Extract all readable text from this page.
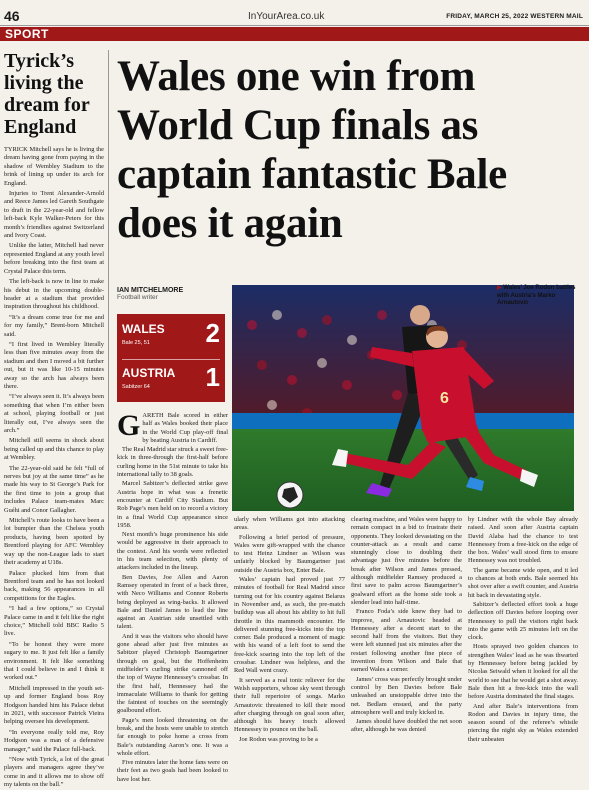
46	InYourArea.co.uk	FRIDAY, MARCH 25, 2022 WESTERN MAIL
SPORT
Tyrick’s living the dream for England

TYRICK Mitchell says he is living the dream having gone from paying in the shadow of Wembley Stadium to the brink of lining up under its arch for England.

Injuries to Trent Alexander-Arnold and Reece James led Gareth Southgate to draft in the 22-year-old and fellow left-back Kyle Walker-Peters for this month’s friendlies against Switzerland and Ivory Coast.

Unlike the latter, Mitchell had never represented England at any youth level before breaking into the first team at Crystal Palace this term.

The left-back is now in line to make his debut in the upcoming double-header at a stadium that provided inspiration throughout his childhood.

“It’s a dream come true for me and for my family,” Brent-born Mitchell said.

“I first lived in Wembley literally less than five minutes away from the stadium and then I moved a bit further out, but it was like 10-15 minutes away so the arch has always been there.

“I’ve always seen it. It’s always been something that when I’m either been at school, playing football or just literally out, I’ve always seen the arch.”

Mitchell still seems in shock about being called up and this chance to play at Wembley.

The 22-year-old said he felt “full of nerves but joy at the same time” as he made his way to St George’s Park for the first time to join a group that includes Palace team-mates Marc Guéhi and Conor Gallagher.

Mitchell’s route looks to have been a lot bumpier than the Chelsea youth products, having been spotted by Brentford playing for AFC Wembley way up the non-League lads to start their academy at U18s.

Palace plucked him from that Brentford team and he has not looked back, making 56 appearances in all competitions for the Eagles.

“I had a few options,” so Crystal Palace came in and it felt like the right choice,” Mitchell told BBC Radio 5 live.

“To be honest they were more sugary to me. It just felt like a family environment. It felt like something that I could believe in and I think it worked out.”

Mitchell impressed in the youth set-up and former England boss Roy Hodgson handed him his Palace debut in 2021, with successor Patrick Vieira helping oversee his development.

“In everyone really told me, Roy Hodgson was a man of a defensive manager,” said the Palace full-back.

“Now with Tyrick, a lot of the great players and managers agree they’ve come in and it allows me to show off my talents on the ball.”

Wales one win from World Cup finals as captain fantastic Bale does it again
IAN MITCHELMORE
Football writer
WALES 2
Bale 25, 51
AUSTRIA 1
Sabitzer 64
6
▶ Wales’ Joe Rodon battles with Austria’s Marko Arnautovic

GARETH Bale scored in either half as Wales booked their place in the World Cup play-off final by beating Austria in Cardiff.

The Real Madrid star struck a sweet free-kick in three-through the first-half before curling home in the 51st minute to take his international tally to 38 goals.

Marcel Sabitzer’s deflected strike gave Austria hope in what was a frenetic encounter at Cardiff City Stadium. But Rob Page’s men held on to record a victory in a final World Cup appearance since 1958.

Next month’s huge prominence his side would be aggressive in their approach to the contest. And his words were reflected in his team selection, with plenty of attackers included in the lineup.

Ben Davies, Joe Allen and Aaron Ramsey operated in front of a back three, with Neco Williams and Connor Roberts being deployed as wing-backs. It allowed Bale and Daniel James to lead the line against an Austrian side unsettled with talent.

And it was the visitors who should have gone ahead after just five minutes as Sabitzer played Christoph Baumgartner through on goal, but the Hoffenheim midfielder’s curling strike cannoned off the top of Wayne Hennessey’s crossbar. In the first half, Hennessey had the immaculate Williams to thank for getting the faintest of touches on the seemingly goalbound effort.

Page’s men looked threatening on the break, and the hosts were unable to stretch far enough to poke home a cross from Bale’s outstanding Aaron’s one. It was a whole effort.

Five minutes later the home fans were on their feet as two goals had been looked to have lost her.

ularly when Williams got into attacking areas.

Following a brief period of pressure, Wales were gift-wrapped with the chance to test Heinz Lindner as Wilson was unfairly blocked by Baumgartner just outside the Austria box, Enter Bale.

Wales’ captain had proved just 77 minutes of football for Real Madrid since turning out for his country against Belarus in November and, as such, the pre-match buildup was all about his ability to hit full throttle in this mammoth encounter. He delivered stunning free-kicks into the top corner. Bale produced a moment of magic with his wand of a left foot to send the free-kick soaring into the top left of the crossbar. Lindner was helpless, and the Red Wall went crazy.

It served as a real tonic reliever for the Welsh supporters, whose sky went through their full repertoire of songs. Marko Arnautovic threatened to kill their mood after charging through on goal soon after, although his heavy touch allowed Hennessey to pounce on the ball.

Joe Rodon was proving to be a

clearing machine, and Wales were happy to remain compact in a bid to frustrate their opponents. They looked devastating on the counter-attack as a result and came stunningly close to doubling their advantage just five minutes before the break after Wilson and James pressed, although midfielder Ramsey produced a first save to palm across Baumgartner’s goalward effort as the home side took a slender lead into half-time.

Franco Foda’s side knew they had to improve, and Arnautovic headed at Hennessey after a decent start to the second half from the visitors. But they were left stunned just six minutes after the restart following another fine piece of invention from Wilson and Bale that earned Wales a corner.

James’ cross was perfectly brought under control by Ben Davies before Bale unleashed an unstoppable drive into the net. Bedlam ensued, and the party atmosphere well and truly kicked in.

James should have doubled the net soon after, although he was denied

by Lindner with the whole Bay already raised. And soon after Austria captain David Alaba had the chance to test Hennessey from a free-kick on the edge of the box. Wales’ wall stood firm to ensure Hennessey was not troubled.

The game became wide open, and it led to chances at both ends. Bale seemed his shot over after a swift counter, and Austria hit back in devastating style.

Sabitzer’s deflected effort took a huge deflection off Davies before looping over Hennessey to pull the visitors right back into the game with 25 minutes left on the clock.

Hosts sprayed two golden chances to strengthen Wales’ lead as he was thwarted by Hennessey before being jackled by Nicolas Seiwald when it looked for all the world to see that he would get a shot away. Bale then hit a free-kick into the wall before Austria dominated the final stages.

And after Bale’s interventions from Rodon and Davies in injury time, the season sound of the referee’s whistle piercing the night sky as Wales extended their unbeaten
